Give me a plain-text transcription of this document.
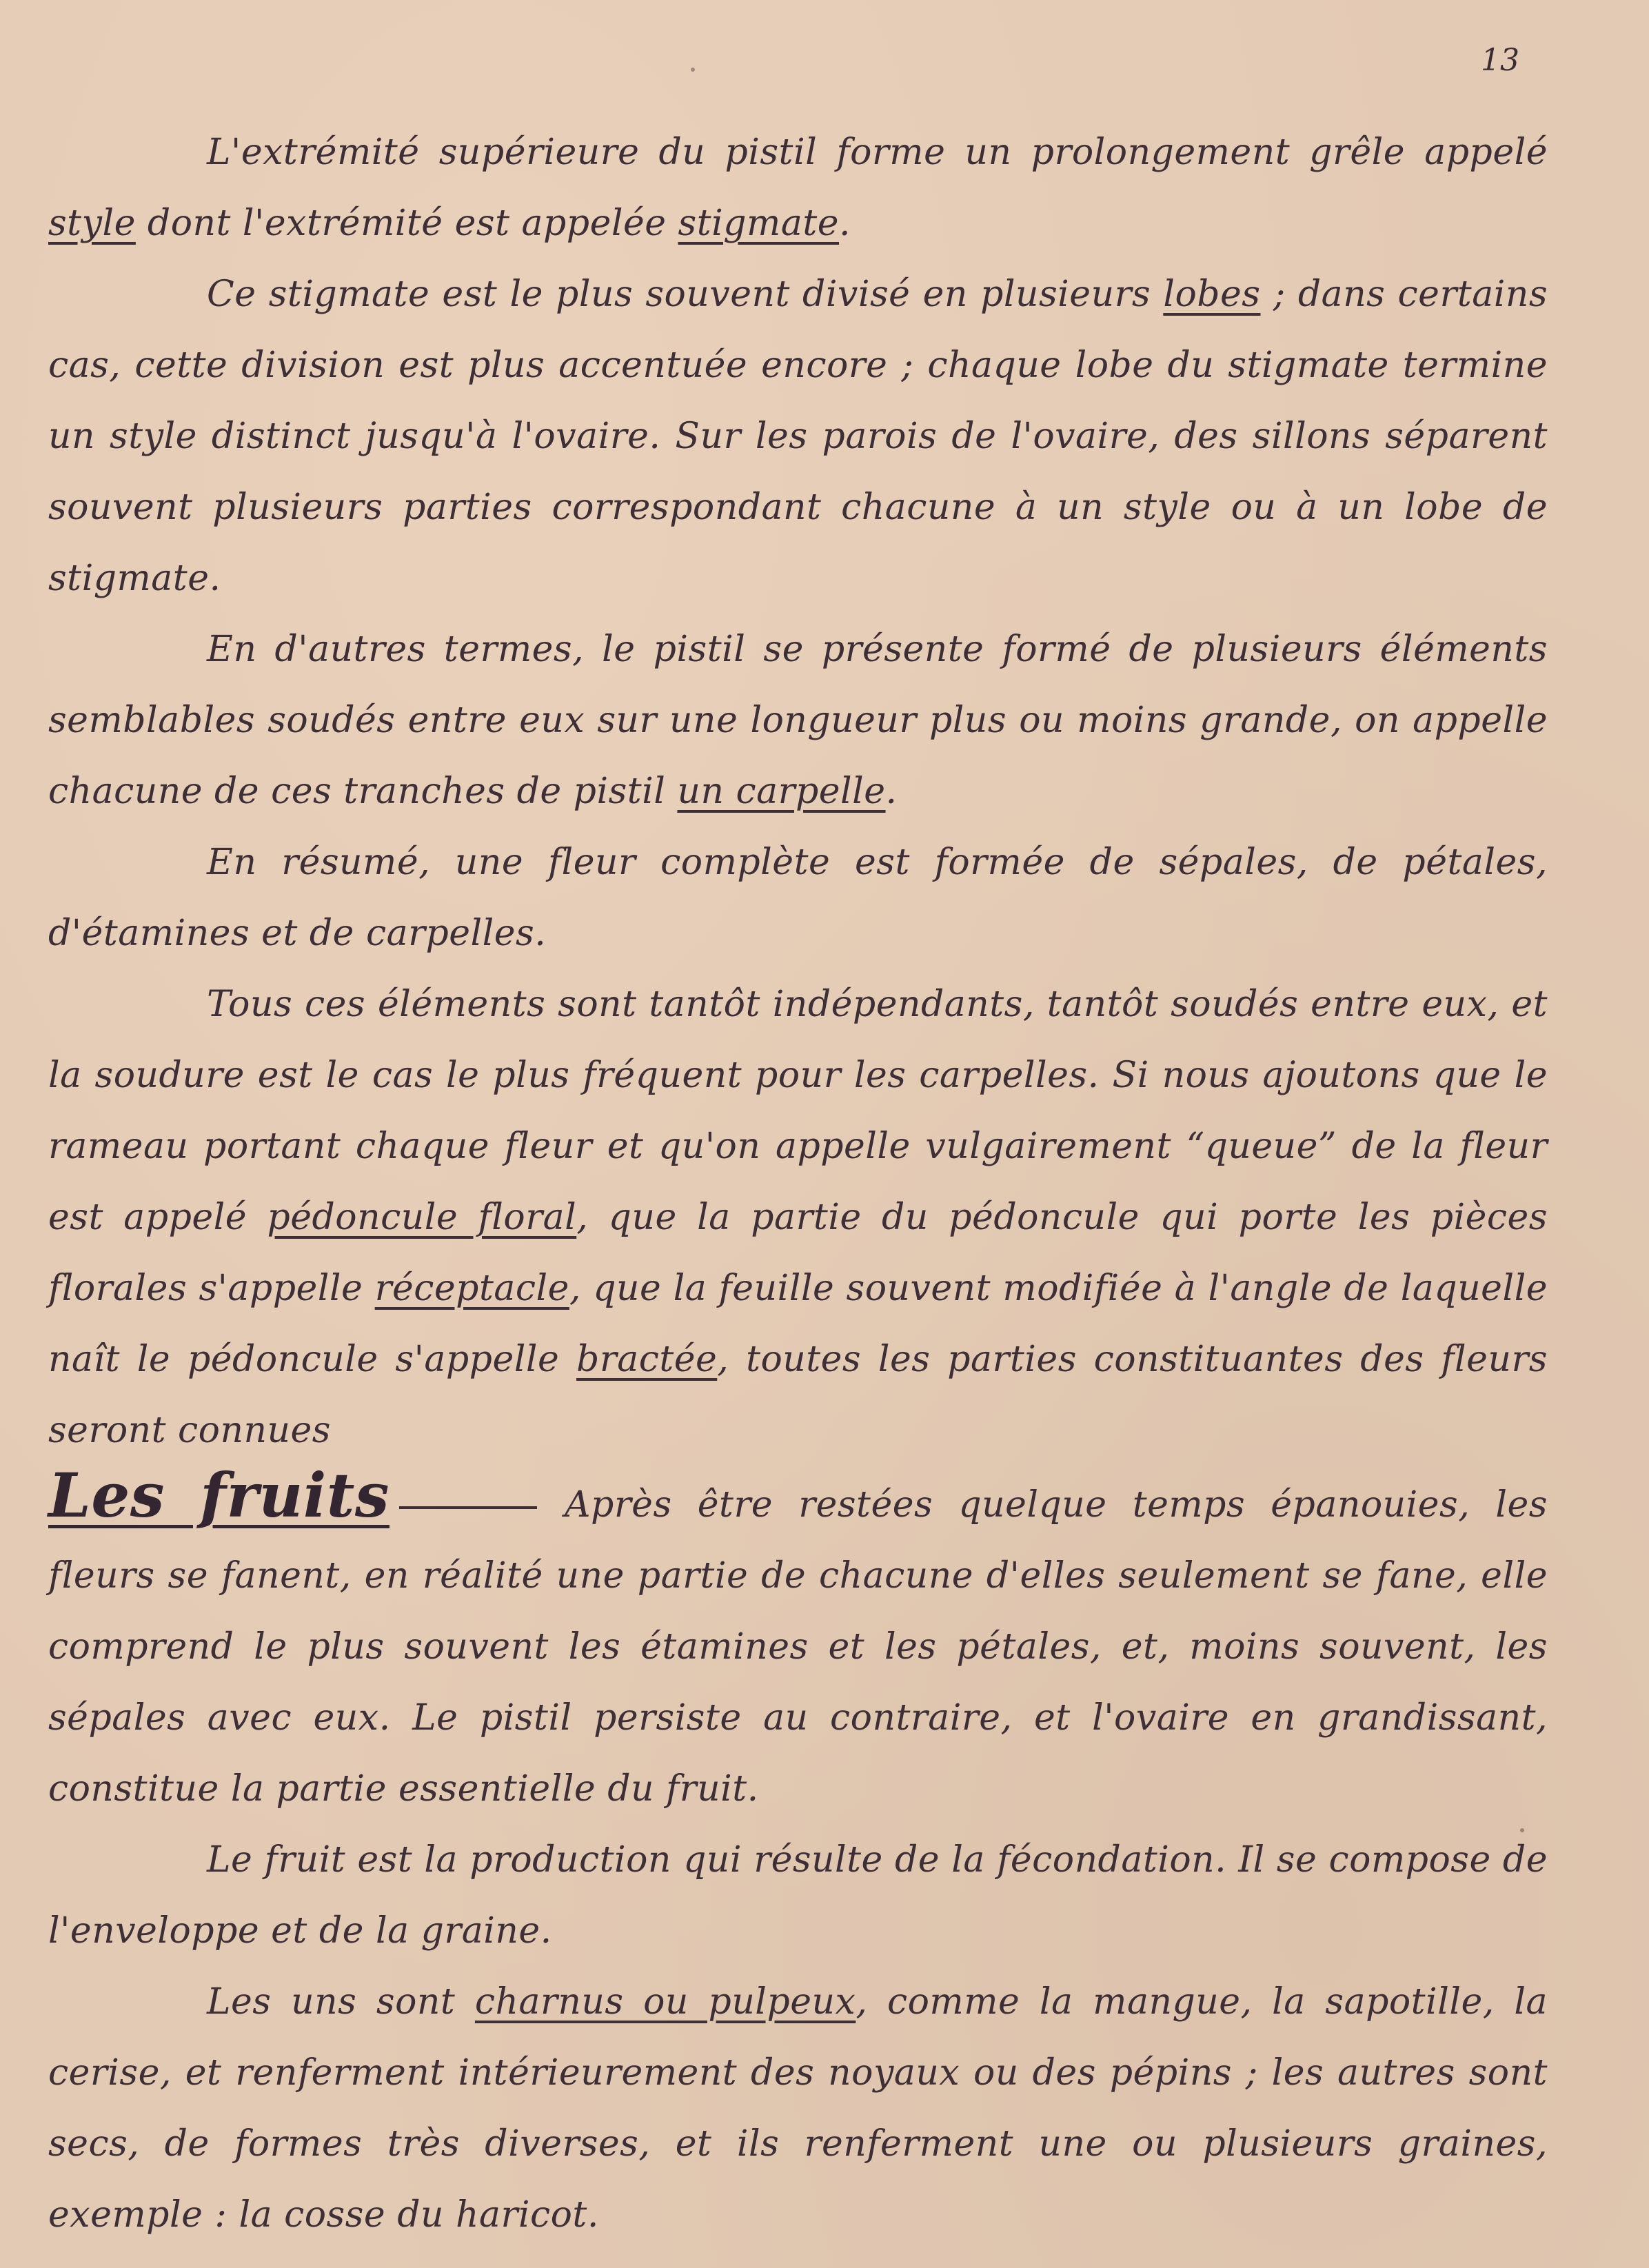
13

L'extrémité supérieure du pistil forme un prolongement grêle appelé style dont l'extrémité est appelée stigmate.

Ce stigmate est le plus souvent divisé en plusieurs lobes ; dans certains cas, cette division est plus accentuée encore ; chaque lobe du stigmate termine un style distinct jusqu'à l'ovaire. Sur les parois de l'ovaire, des sillons séparent souvent plusieurs parties correspondant chacune à un style ou à un lobe de stigmate.

En d'autres termes, le pistil se présente formé de plusieurs éléments semblables soudés entre eux sur une longueur plus ou moins grande, on appelle chacune de ces tranches de pistil un carpelle.

En résumé, une fleur complète est formée de sépales, de pétales, d'étamines et de carpelles.

Tous ces éléments sont tantôt indépendants, tantôt soudés entre eux, et la soudure est le cas le plus fréquent pour les carpelles. Si nous ajoutons que le rameau portant chaque fleur et qu'on appelle vulgairement “queue” de la fleur est appelé pédoncule floral, que la partie du pédoncule qui porte les pièces florales s'appelle réceptacle, que la feuille souvent modifiée à l'angle de laquelle naît le pédoncule s'appelle bractée, toutes les parties constituantes des fleurs seront connues

Les fruits	Après être restées quelque temps épanouies, les fleurs se fanent, en réalité une partie de chacune d'elles seulement se fane, elle comprend le plus souvent les étamines et les pétales, et, moins souvent, les sépales avec eux. Le pistil persiste au contraire, et l'ovaire en grandissant, constitue la partie essentielle du fruit.

Le fruit est la production qui résulte de la fécondation. Il se compose de l'enveloppe et de la graine.

Les uns sont charnus ou pulpeux, comme la mangue, la sapotille, la cerise, et renferment intérieurement des noyaux ou des pépins ; les autres sont secs, de formes très diverses, et ils renferment une ou plusieurs graines, exemple : la cosse du haricot.
